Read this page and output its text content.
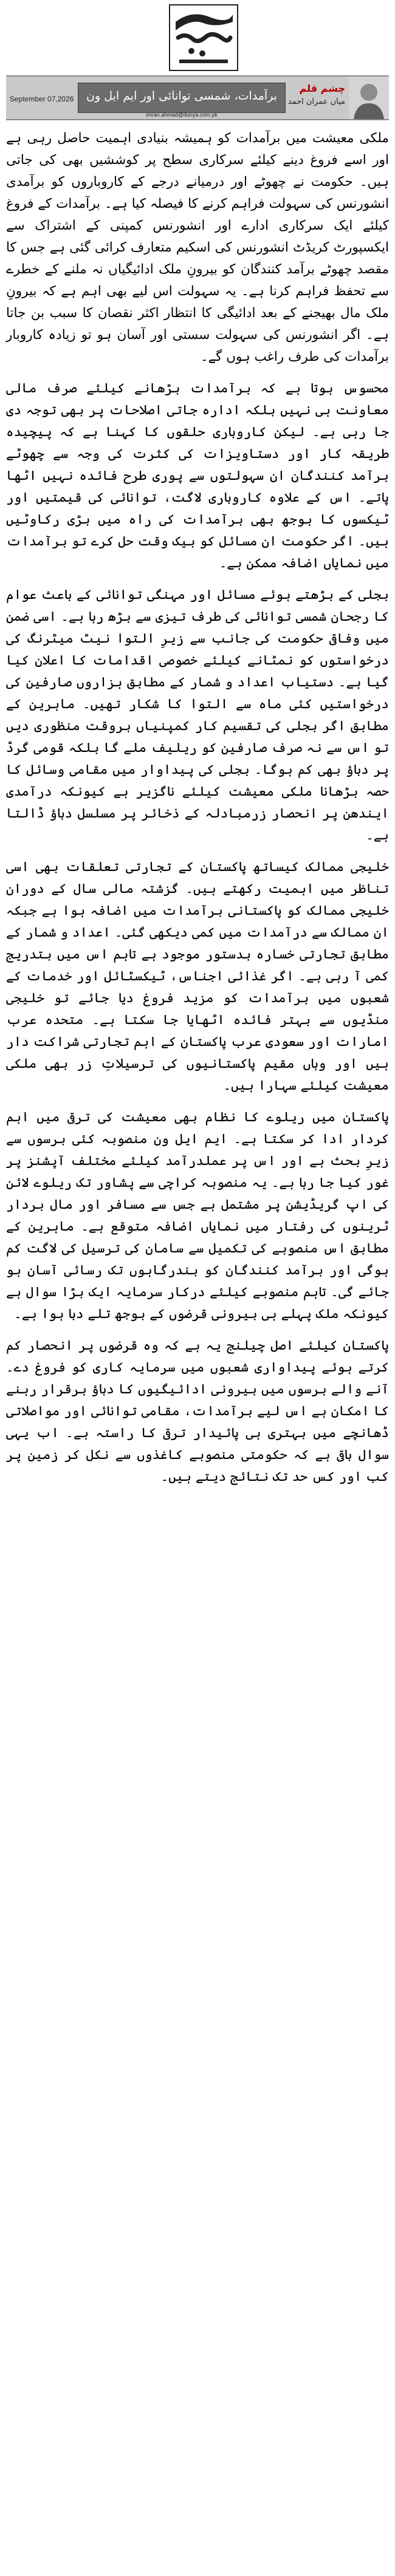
چشم قلم
میاں عمران احمد
برآمدات، شمسی توانائی اور ایم ایل ون
September 07,2026
imran.ahmad@dunya.com.pk

ملکی معیشت میں برآمدات کو ہمیشہ بنیادی اہمیت حاصل رہی ہے اور اسے فروغ دینے کیلئے سرکاری سطح پر کوششیں بھی کی جاتی ہیں۔ حکومت نے چھوٹے اور درمیانے درجے کے کاروباروں کو برآمدی انشورنس کی سہولت فراہم کرنے کا فیصلہ کیا ہے۔ برآمدات کے فروغ کیلئے ایک سرکاری ادارے اور انشورنس کمپنی کے اشتراک سے ایکسپورٹ کریڈٹ انشورنس کی اسکیم متعارف کرائی گئی ہے جس کا مقصد چھوٹے برآمد کنندگان کو بیرونِ ملک ادائیگیاں نہ ملنے کے خطرے سے تحفظ فراہم کرنا ہے۔ یہ سہولت اس لیے بھی اہم ہے کہ بیرونِ ملک مال بھیجنے کے بعد ادائیگی کا انتظار اکثر نقصان کا سبب بن جاتا ہے۔ اگر انشورنس کی سہولت سستی اور آسان ہو تو زیادہ کاروبار برآمدات کی طرف راغب ہوں گے۔

محسوس ہوتا ہے کہ برآمدات بڑھانے کیلئے صرف مالی معاونت ہی نہیں بلکہ ادارہ جاتی اصلاحات پر بھی توجہ دی جا رہی ہے۔ لیکن کاروباری حلقوں کا کہنا ہے کہ پیچیدہ طریقہ کار اور دستاویزات کی کثرت کی وجہ سے چھوٹے برآمد کنندگان ان سہولتوں سے پوری طرح فائدہ نہیں اٹھا پاتے۔ اس کے علاوہ کاروباری لاگت، توانائی کی قیمتیں اور ٹیکسوں کا بوجھ بھی برآمدات کی راہ میں بڑی رکاوٹیں ہیں۔ اگر حکومت ان مسائل کو بیک وقت حل کرے تو برآمدات میں نمایاں اضافہ ممکن ہے۔

بجلی کے بڑھتے ہوئے مسائل اور مہنگی توانائی کے باعث عوام کا رجحان شمسی توانائی کی طرف تیزی سے بڑھ رہا ہے۔ اسی ضمن میں وفاقی حکومت کی جانب سے زیرِ التوا نیٹ میٹرنگ کی درخواستوں کو نمٹانے کیلئے خصوصی اقدامات کا اعلان کیا گیا ہے۔ دستیاب اعداد و شمار کے مطابق ہزاروں صارفین کی درخواستیں کئی ماہ سے التوا کا شکار تھیں۔ ماہرین کے مطابق اگر بجلی کی تقسیم کار کمپنیاں بروقت منظوری دیں تو اس سے نہ صرف صارفین کو ریلیف ملے گا بلکہ قومی گرڈ پر دباؤ بھی کم ہوگا۔ بجلی کی پیداوار میں مقامی وسائل کا حصہ بڑھانا ملکی معیشت کیلئے ناگزیر ہے کیونکہ درآمدی ایندھن پر انحصار زرمبادلہ کے ذخائر پر مسلسل دباؤ ڈالتا ہے۔

خلیجی ممالک کیساتھ پاکستان کے تجارتی تعلقات بھی اسی تناظر میں اہمیت رکھتے ہیں۔ گزشتہ مالی سال کے دوران خلیجی ممالک کو پاکستانی برآمدات میں اضافہ ہوا ہے جبکہ ان ممالک سے درآمدات میں کمی دیکھی گئی۔ اعداد و شمار کے مطابق تجارتی خسارہ بدستور موجود ہے تاہم اس میں بتدریج کمی آ رہی ہے۔ اگر غذائی اجناس، ٹیکسٹائل اور خدمات کے شعبوں میں برآمدات کو مزید فروغ دیا جائے تو خلیجی منڈیوں سے بہتر فائدہ اٹھایا جا سکتا ہے۔ متحدہ عرب امارات اور سعودی عرب پاکستان کے اہم تجارتی شراکت دار ہیں اور وہاں مقیم پاکستانیوں کی ترسیلاتِ زر بھی ملکی معیشت کیلئے سہارا ہیں۔

پاکستان میں ریلوے کا نظام بھی معیشت کی ترقی میں اہم کردار ادا کر سکتا ہے۔ ایم ایل ون منصوبہ کئی برسوں سے زیرِ بحث ہے اور اس پر عملدرآمد کیلئے مختلف آپشنز پر غور کیا جا رہا ہے۔ یہ منصوبہ کراچی سے پشاور تک ریلوے لائن کی اپ گریڈیشن پر مشتمل ہے جس سے مسافر اور مال بردار ٹرینوں کی رفتار میں نمایاں اضافہ متوقع ہے۔ ماہرین کے مطابق اس منصوبے کی تکمیل سے سامان کی ترسیل کی لاگت کم ہوگی اور برآمد کنندگان کو بندرگاہوں تک رسائی آسان ہو جائے گی۔ تاہم منصوبے کیلئے درکار سرمایہ ایک بڑا سوال ہے کیونکہ ملک پہلے ہی بیرونی قرضوں کے بوجھ تلے دبا ہوا ہے۔

پاکستان کیلئے اصل چیلنج یہ ہے کہ وہ قرضوں پر انحصار کم کرتے ہوئے پیداواری شعبوں میں سرمایہ کاری کو فروغ دے۔ آنے والے برسوں میں بیرونی ادائیگیوں کا دباؤ برقرار رہنے کا امکان ہے اس لیے برآمدات، مقامی توانائی اور مواصلاتی ڈھانچے میں بہتری ہی پائیدار ترقی کا راستہ ہے۔ اب یہی سوال باقی ہے کہ حکومتی منصوبے کاغذوں سے نکل کر زمین پر کب اور کس حد تک نتائج دیتے ہیں۔
